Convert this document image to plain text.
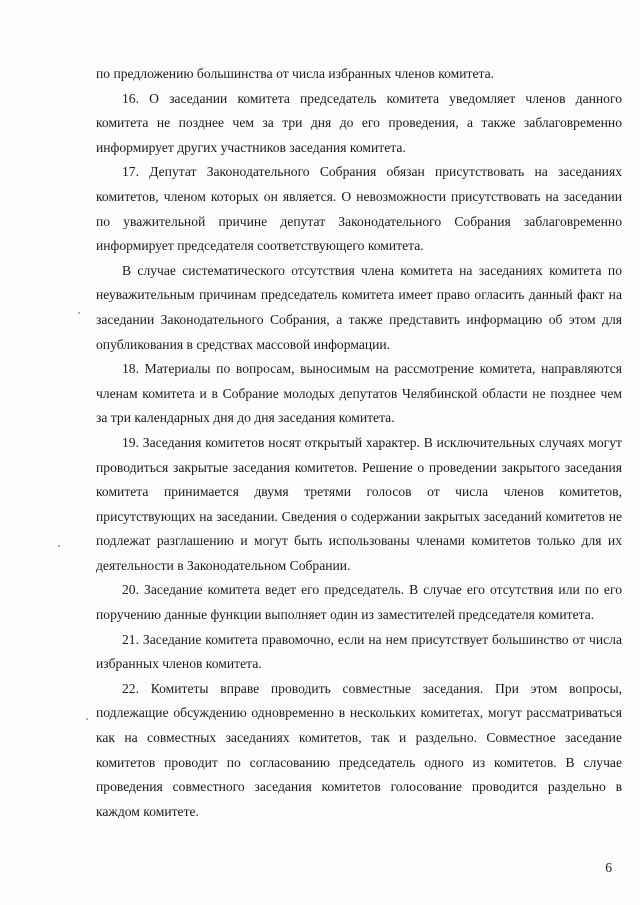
по предложению большинства от числа избранных членов комитета.

16. О заседании комитета председатель комитета уведомляет членов данного комитета не позднее чем за три дня до его проведения, а также заблаговременно информирует других участников заседания комитета.

17. Депутат Законодательного Собрания обязан присутствовать на заседаниях комитетов, членом которых он является. О невозможности присутствовать на заседании по уважительной причине депутат Законодательного Собрания заблаговременно информирует председателя соответствующего комитета.

В случае систематического отсутствия члена комитета на заседаниях комитета по неуважительным причинам председатель комитета имеет право огласить данный факт на заседании Законодательного Собрания, а также представить информацию об этом для опубликования в средствах массовой информации.

18. Материалы по вопросам, выносимым на рассмотрение комитета, направляются членам комитета и в Собрание молодых депутатов Челябинской области не позднее чем за три календарных дня до дня заседания комитета.

19. Заседания комитетов носят открытый характер. В исключительных случаях могут проводиться закрытые заседания комитетов. Решение о проведении закрытого заседания комитета принимается двумя третями голосов от числа членов комитетов, присутствующих на заседании. Сведения о содержании закрытых заседаний комитетов не подлежат разглашению и могут быть использованы членами комитетов только для их деятельности в Законодательном Собрании.

20. Заседание комитета ведет его председатель. В случае его отсутствия или по его поручению данные функции выполняет один из заместителей председателя комитета.

21. Заседание комитета правомочно, если на нем присутствует большинство от числа избранных членов комитета.

22. Комитеты вправе проводить совместные заседания. При этом вопросы, подлежащие обсуждению одновременно в нескольких комитетах, могут рассматриваться как на совместных заседаниях комитетов, так и раздельно. Совместное заседание комитетов проводит по согласованию председатель одного из комитетов. В случае проведения совместного заседания комитетов голосование проводится раздельно в каждом комитете.

6
